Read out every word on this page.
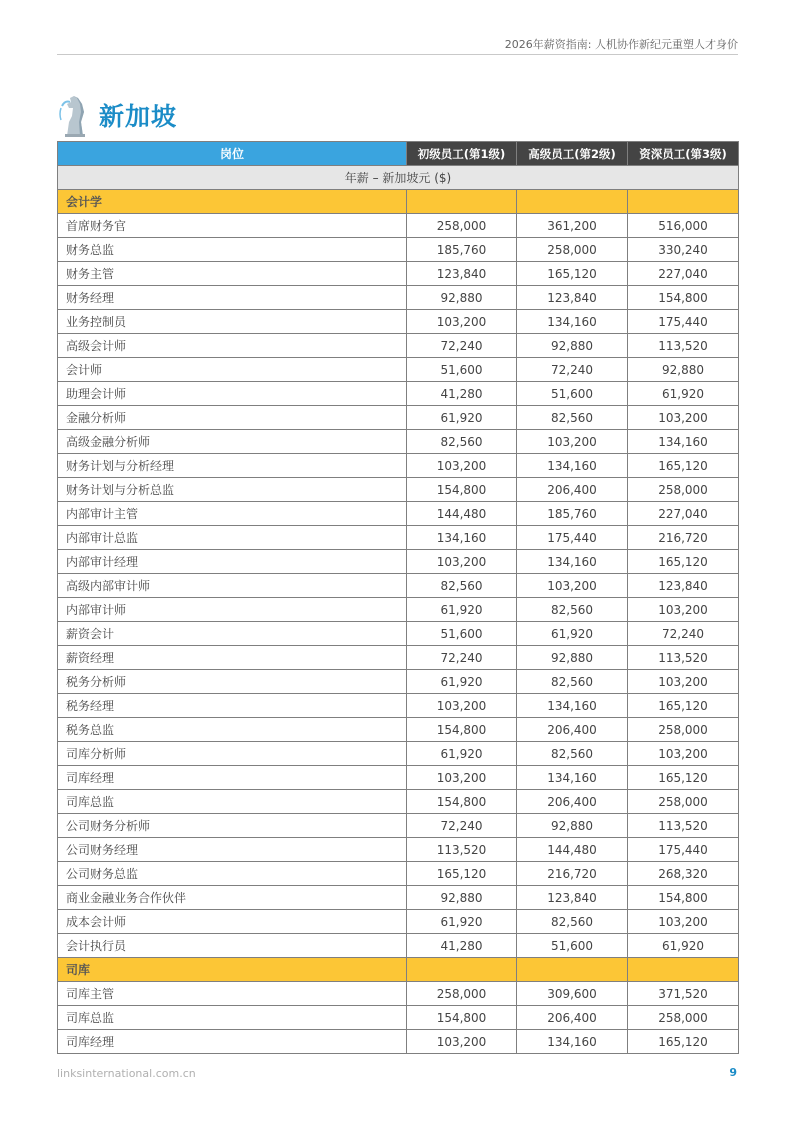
2026年薪资指南: 人机协作新纪元重塑人才身价
新加坡
岗位	初级员工(第1级)	高级员工(第2级)	资深员工(第3级)
年薪 – 新加坡元 ($)			
会计学			
首席财务官	258,000	361,200	516,000
财务总监	185,760	258,000	330,240
财务主管	123,840	165,120	227,040
财务经理	92,880	123,840	154,800
业务控制员	103,200	134,160	175,440
高级会计师	72,240	92,880	113,520
会计师	51,600	72,240	92,880
助理会计师	41,280	51,600	61,920
金融分析师	61,920	82,560	103,200
高级金融分析师	82,560	103,200	134,160
财务计划与分析经理	103,200	134,160	165,120
财务计划与分析总监	154,800	206,400	258,000
内部审计主管	144,480	185,760	227,040
内部审计总监	134,160	175,440	216,720
内部审计经理	103,200	134,160	165,120
高级内部审计师	82,560	103,200	123,840
内部审计师	61,920	82,560	103,200
薪资会计	51,600	61,920	72,240
薪资经理	72,240	92,880	113,520
税务分析师	61,920	82,560	103,200
税务经理	103,200	134,160	165,120
税务总监	154,800	206,400	258,000
司库分析师	61,920	82,560	103,200
司库经理	103,200	134,160	165,120
司库总监	154,800	206,400	258,000
公司财务分析师	72,240	92,880	113,520
公司财务经理	113,520	144,480	175,440
公司财务总监	165,120	216,720	268,320
商业金融业务合作伙伴	92,880	123,840	154,800
成本会计师	61,920	82,560	103,200
会计执行员	41,280	51,600	61,920
司库			
司库主管	258,000	309,600	371,520
司库总监	154,800	206,400	258,000
司库经理	103,200	134,160	165,120
linksinternational.com.cn	9
